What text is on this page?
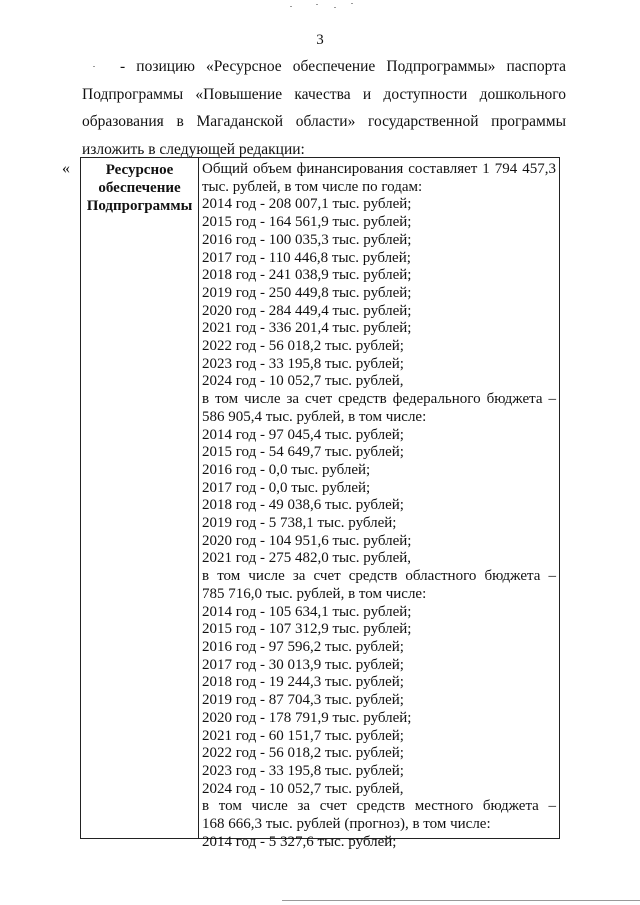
3
- позицию «Ресурсное обеспечение Подпрограммы» паспорта
Подпрограммы «Повышение качества и доступности дошкольного
образования в Магаданской области» государственной программы
изложить в следующей редакции:
«	Ресурсное
обеспечение
Подпрограммы
Общий объем финансирования составляет 1 794 457,3
тыс. рублей, в том числе по годам:
2014 год - 208 007,1 тыс. рублей;
2015 год - 164 561,9 тыс. рублей;
2016 год - 100 035,3 тыс. рублей;
2017 год - 110 446,8 тыс. рублей;
2018 год - 241 038,9 тыс. рублей;
2019 год - 250 449,8 тыс. рублей;
2020 год - 284 449,4 тыс. рублей;
2021 год - 336 201,4 тыс. рублей;
2022 год - 56 018,2 тыс. рублей;
2023 год - 33 195,8 тыс. рублей;
2024 год - 10 052,7 тыс. рублей,
в том числе за счет средств федерального бюджета –
586 905,4 тыс. рублей, в том числе:
2014 год - 97 045,4 тыс. рублей;
2015 год - 54 649,7 тыс. рублей;
2016 год - 0,0 тыс. рублей;
2017 год - 0,0 тыс. рублей;
2018 год - 49 038,6 тыс. рублей;
2019 год - 5 738,1 тыс. рублей;
2020 год - 104 951,6 тыс. рублей;
2021 год - 275 482,0 тыс. рублей,
в том числе за счет средств областного бюджета –
785 716,0 тыс. рублей, в том числе:
2014 год - 105 634,1 тыс. рублей;
2015 год - 107 312,9 тыс. рублей;
2016 год - 97 596,2 тыс. рублей;
2017 год - 30 013,9 тыс. рублей;
2018 год - 19 244,3 тыс. рублей;
2019 год - 87 704,3 тыс. рублей;
2020 год - 178 791,9 тыс. рублей;
2021 год - 60 151,7 тыс. рублей;
2022 год - 56 018,2 тыс. рублей;
2023 год - 33 195,8 тыс. рублей;
2024 год - 10 052,7 тыс. рублей,
в том числе за счет средств местного бюджета –
168 666,3 тыс. рублей (прогноз), в том числе:
2014 год - 5 327,6 тыс. рублей;
